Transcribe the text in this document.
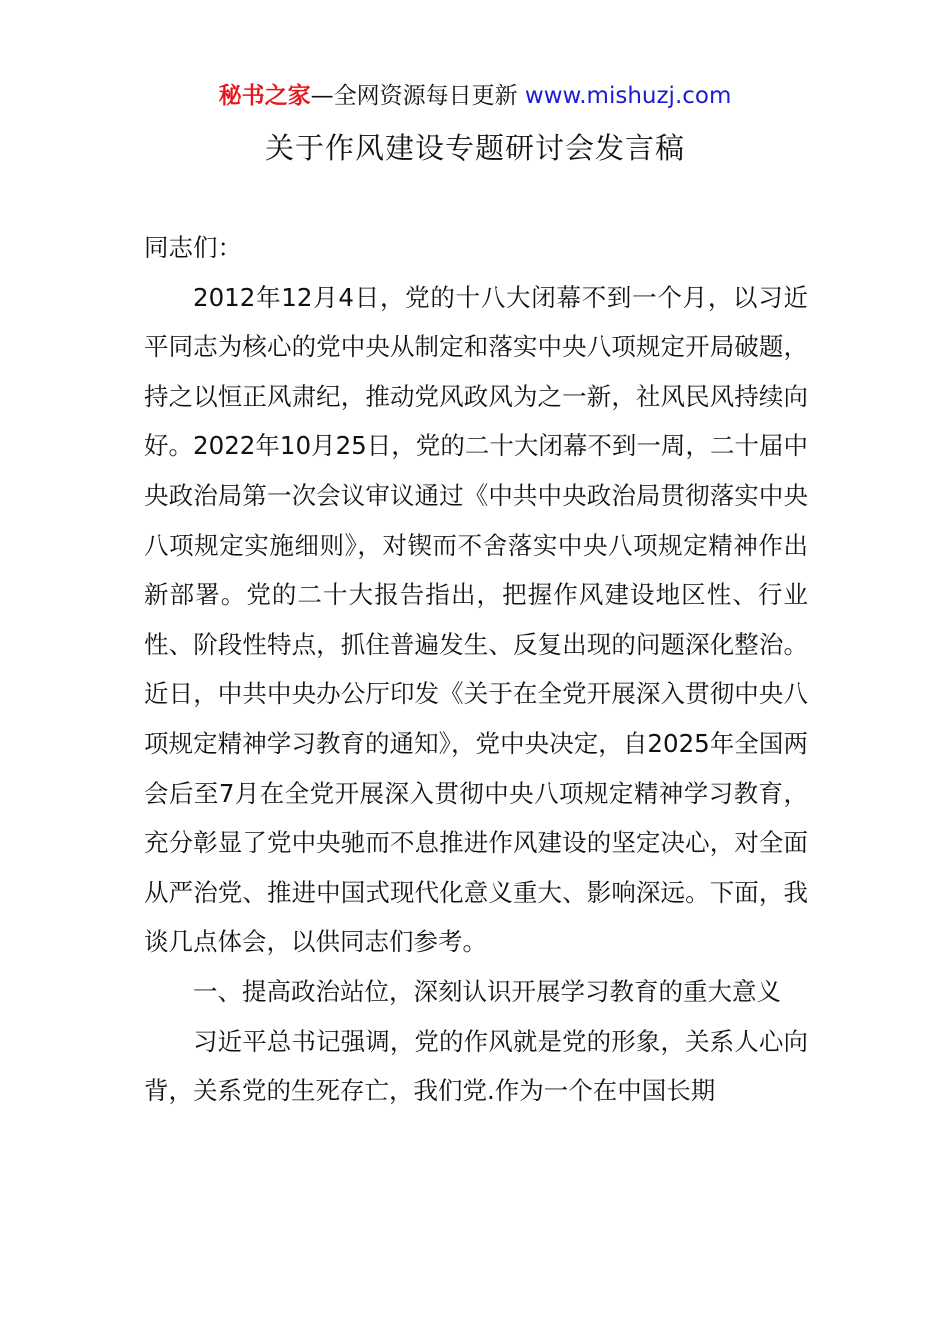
秘书之家—全网资源每日更新 www.mishuzj.com
关于作风建设专题研讨会发言稿

同志们：

2012年12月4日，党的十八大闭幕不到一个月，以习近平同志为核心的党中央从制定和落实中央八项规定开局破题，持之以恒正风肃纪，推动党风政风为之一新，社风民风持续向好。2022年10月25日，党的二十大闭幕不到一周，二十届中央政治局第一次会议审议通过《中共中央政治局贯彻落实中央八项规定实施细则》，对锲而不舍落实中央八项规定精神作出新部署。党的二十大报告指出，把握作风建设地区性、行业性、阶段性特点，抓住普遍发生、反复出现的问题深化整治。近日，中共中央办公厅印发《关于在全党开展深入贯彻中央八项规定精神学习教育的通知》，党中央决定，自2025年全国两会后至7月在全党开展深入贯彻中央八项规定精神学习教育，充分彰显了党中央驰而不息推进作风建设的坚定决心，对全面从严治党、推进中国式现代化意义重大、影响深远。下面，我谈几点体会，以供同志们参考。

一、提高政治站位，深刻认识开展学习教育的重大意义

习近平总书记强调，党的作风就是党的形象，关系人心向背，关系党的生死存亡，我们党.作为一个在中国长期
